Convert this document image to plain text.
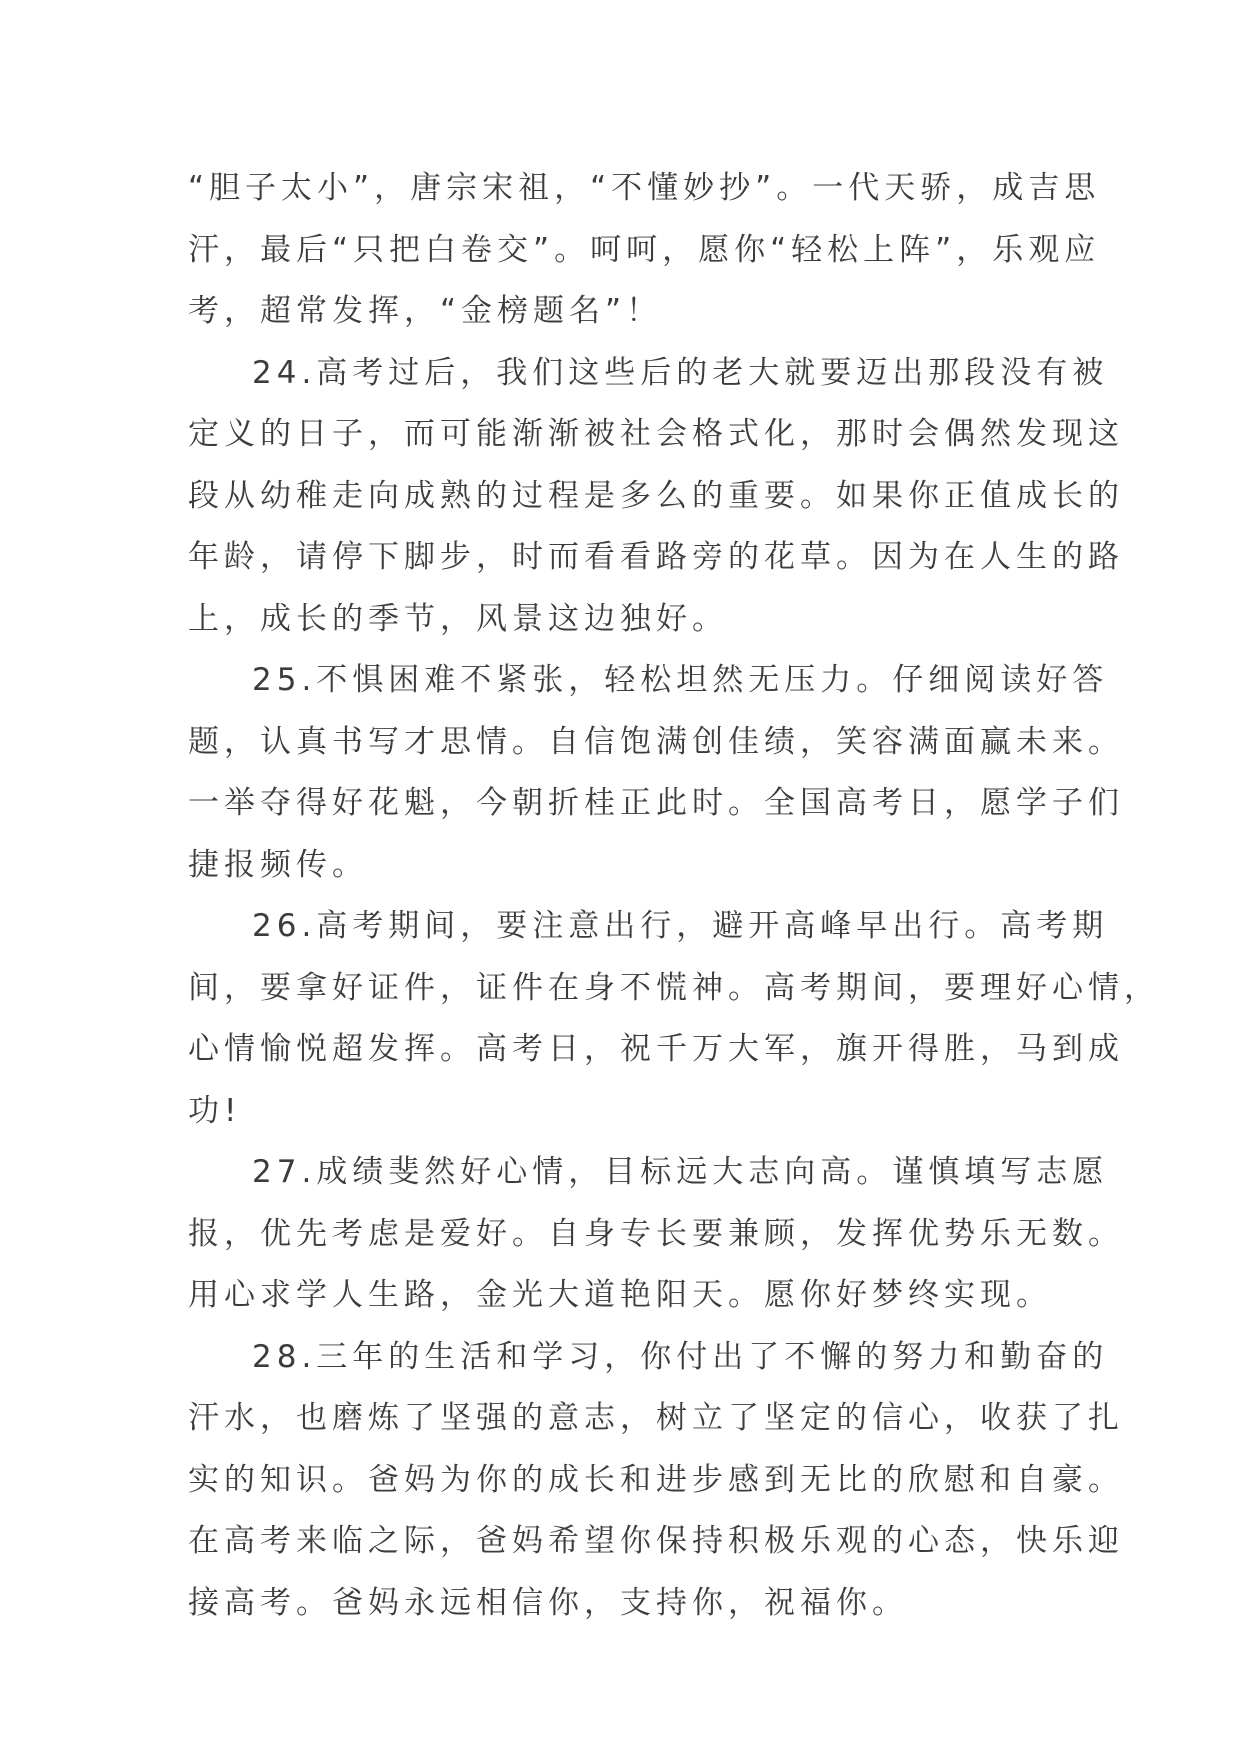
“胆子太小”，唐宗宋祖，“不懂妙抄”。一代天骄，成吉思
汗，最后“只把白卷交”。呵呵，愿你“轻松上阵”，乐观应
考，超常发挥，“金榜题名”！
24.高考过后，我们这些后的老大就要迈出那段没有被
定义的日子，而可能渐渐被社会格式化，那时会偶然发现这
段从幼稚走向成熟的过程是多么的重要。如果你正值成长的
年龄，请停下脚步，时而看看路旁的花草。因为在人生的路
上，成长的季节，风景这边独好。
25.不惧困难不紧张，轻松坦然无压力。仔细阅读好答
题，认真书写才思情。自信饱满创佳绩，笑容满面赢未来。
一举夺得好花魁，今朝折桂正此时。全国高考日，愿学子们
捷报频传。
26.高考期间，要注意出行，避开高峰早出行。高考期
间，要拿好证件，证件在身不慌神。高考期间，要理好心情，
心情愉悦超发挥。高考日，祝千万大军，旗开得胜，马到成
功!
27.成绩斐然好心情，目标远大志向高。谨慎填写志愿
报，优先考虑是爱好。自身专长要兼顾，发挥优势乐无数。
用心求学人生路，金光大道艳阳天。愿你好梦终实现。
28.三年的生活和学习，你付出了不懈的努力和勤奋的
汗水，也磨炼了坚强的意志，树立了坚定的信心，收获了扎
实的知识。爸妈为你的成长和进步感到无比的欣慰和自豪。
在高考来临之际，爸妈希望你保持积极乐观的心态，快乐迎
接高考。爸妈永远相信你，支持你，祝福你。
